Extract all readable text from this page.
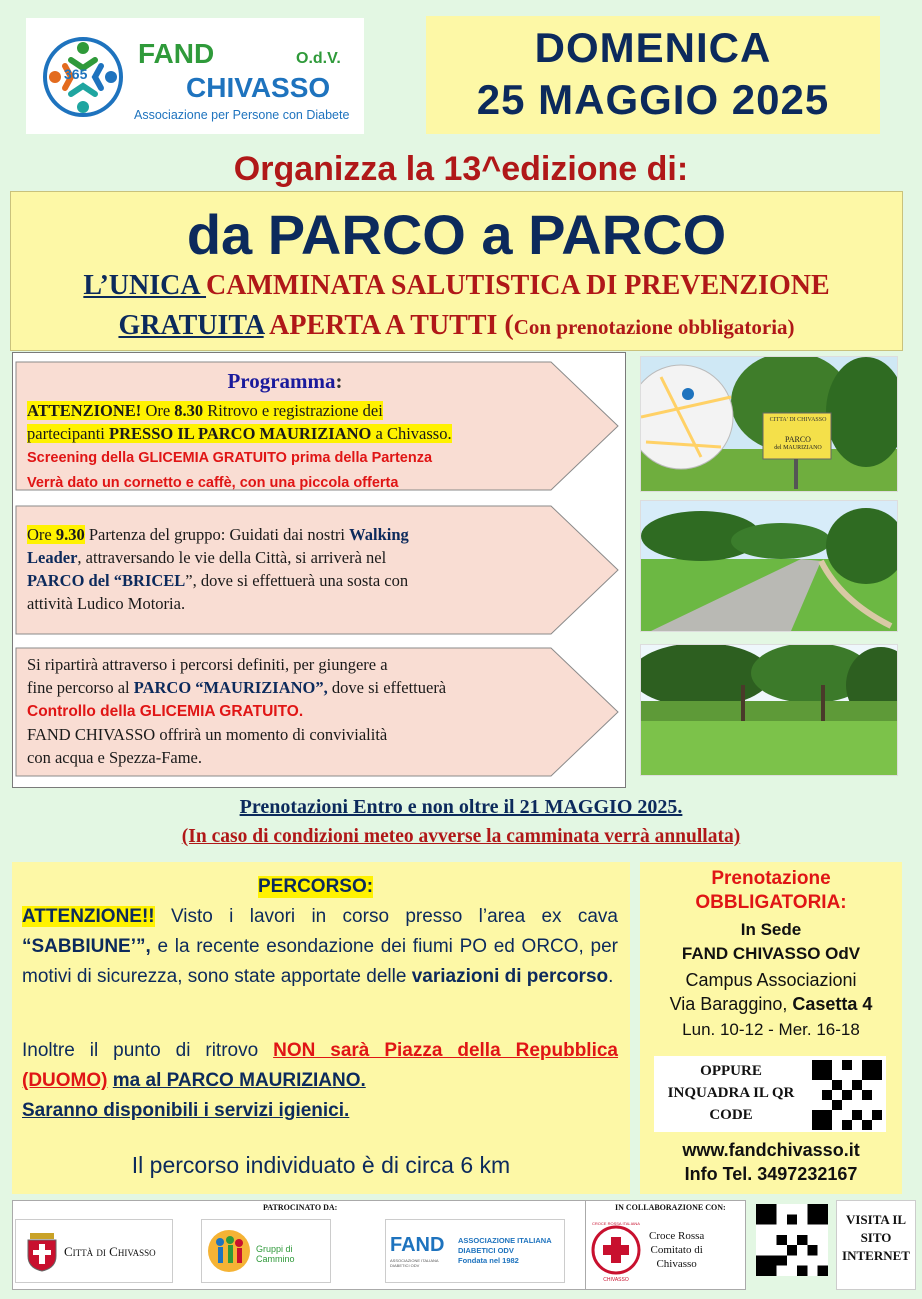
365
FAND	O.d.V.
CHIVASSO
Associazione per Persone con Diabete
DOMENICA
25 MAGGIO 2025
Organizza la 13^edizione di:
da PARCO a PARCO
L’UNICA CAMMINATA SALUTISTICA DI PREVENZIONE
GRATUITA APERTA A TUTTI (Con prenotazione obbligatoria)
Programma:
ATTENZIONE! Ore 8.30 Ritrovo e registrazione dei
partecipanti PRESSO IL PARCO MAURIZIANO a Chivasso.
Screening della GLICEMIA GRATUITO prima della Partenza
Verrà dato un cornetto e caffè, con una piccola offerta
Ore 9.30 Partenza del gruppo: Guidati dai nostri Walking
Leader, attraversando le vie della Città, si arriverà nel
PARCO del “BRICEL”, dove si effettuerà una sosta con
attività Ludico Motoria.
Si ripartirà attraverso i percorsi definiti, per giungere a
fine percorso al PARCO “MAURIZIANO”, dove si effettuerà
Controllo della GLICEMIA GRATUITO.
FAND CHIVASSO offrirà un momento di convivialità
con acqua e Spezza-Fame.
CITTA' DI CHIVASSO
PARCO
del MAURIZIANO
Prenotazioni Entro e non oltre il 21 MAGGIO 2025.
(In caso di condizioni meteo avverse la camminata verrà annullata)
PERCORSO:
ATTENZIONE!! Visto i lavori in corso presso l’area ex cava “SABBIUNE’”, e la recente esondazione dei fiumi PO ed ORCO, per motivi di sicurezza, sono state apportate delle variazioni di percorso.
Inoltre il punto di ritrovo NON sarà Piazza della Repubblica (DUOMO) ma al PARCO MAURIZIANO.
Saranno disponibili i servizi igienici.
Il percorso individuato è di circa 6 km
Prenotazione
OBBLIGATORIA:
In Sede
FAND CHIVASSO OdV
Campus Associazioni
Via Baraggino, Casetta 4
Lun. 10-12 - Mer. 16-18
OPPURE
INQUADRA IL QR
CODE
www.fandchivasso.it
Info Tel. 3497232167
PATROCINATO DA:	IN COLLABORAZIONE CON:
Città di Chivasso	Gruppi di Cammino
FAND
ASSOCIAZIONE ITALIANA DIABETICI ODV
ASSOCIAZIONE ITALIANA
DIABETICI ODV
Fondata nel 1982
CROCE ROSSA ITALIANA
CHIVASSO
Croce Rossa
Comitato di
Chivasso
VISITA IL
SITO
INTERNET
